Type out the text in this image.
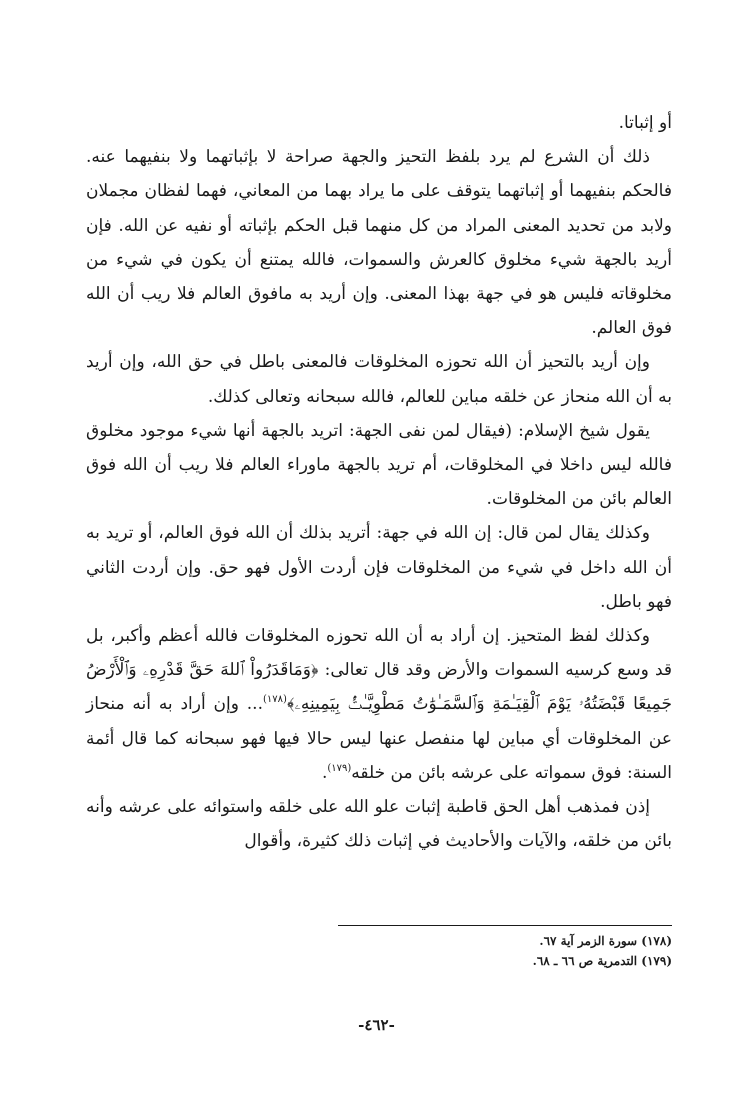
أو إثباتا.

ذلك أن الشرع لم يرد بلفظ التحيز والجهة صراحة لا بإثباتهما ولا بنفيهما عنه. فالحكم بنفيهما أو إثباتهما يتوقف على ما يراد بهما من المعاني، فهما لفظان مجملان ولابد من تحديد المعنى المراد من كل منهما قبل الحكم بإثباته أو نفيه عن الله. فإن أريد بالجهة شيء مخلوق كالعرش والسموات، فالله يمتنع أن يكون في شيء من مخلوقاته فليس هو في جهة بهذا المعنى. وإن أريد به مافوق العالم فلا ريب أن الله فوق العالم.

وإن أريد بالتحيز أن الله تحوزه المخلوقات فالمعنى باطل في حق الله، وإن أريد به أن الله منحاز عن خلقه مباين للعالم، فالله سبحانه وتعالى كذلك.

يقول شيخ الإسلام: (فيقال لمن نفى الجهة: اتريد بالجهة أنها شيء موجود مخلوق فالله ليس داخلا في المخلوقات، أم تريد بالجهة ماوراء العالم فلا ريب أن الله فوق العالم بائن من المخلوقات.

وكذلك يقال لمن قال: إن الله في جهة: أتريد بذلك أن الله فوق العالم، أو تريد به أن الله داخل في شيء من المخلوقات فإن أردت الأول فهو حق. وإن أردت الثاني فهو باطل.

وكذلك لفظ المتحيز. إن أراد به أن الله تحوزه المخلوقات فالله أعظم وأكبر، بل قد وسع كرسيه السموات والأرض وقد قال تعالى: ﴿وَمَاقَدَرُواْ ٱللهَ حَقَّ قَدْرِهِۦ وَٱلْأَرْضُ جَمِيعًا قَبْضَتُهُۥ يَوْمَ ٱلْقِيَـٰمَةِ وَٱلسَّمَـٰوَٰتُ مَطْوِيَّـٰتُۢ بِيَمِينِهِۦ﴾$^{(١٧٨)}$... وإن أراد به أنه منحاز عن المخلوقات أي مباين لها منفصل عنها ليس حالا فيها فهو سبحانه كما قال أئمة السنة: فوق سمواته على عرشه بائن من خلقه$^{(١٧٩)}$.

إذن فمذهب أهل الحق قاطبة إثبات علو الله على خلقه واستوائه على عرشه وأنه بائن من خلقه، والآيات والأحاديث في إثبات ذلك كثيرة، وأقوال

(١٧٨) سورة الزمر آية ٦٧.

(١٧٩) التدمرية ص ٦٦ ـ ٦٨.

-٤٦٢-
